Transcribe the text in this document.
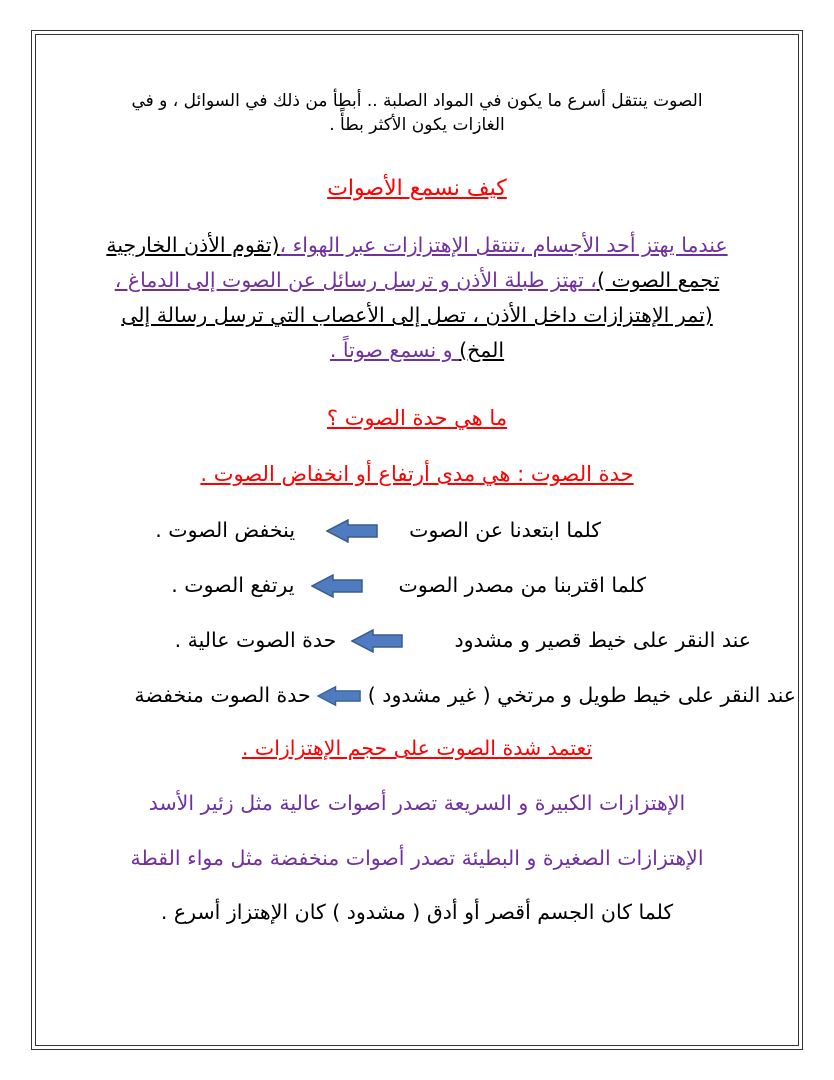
الصوت ينتقل أسرع ما يكون في المواد الصلبة .. أبطأ من ذلك في السوائل ، و في
الغازات يكون الأكثر بطأً .
كيف نسمع الأصوات
عندما يهتز أحد الأجسام ،تنتقل الإهتزازات عبر الهواء ،(تقوم الأذن الخارجية
تجمع الصوت )، تهتز طبلة الأذن و ترسل رسائل عن الصوت إلى الدماغ ،
(تمر الإهتزازات داخل الأذن ، تصل إلى الأعصاب التي ترسل رسالة إلى
المخ) و نسمع صوتاً .
ما هي حدة الصوت ؟
حدة الصوت : هي مدى أرتفاع أو انخفاض الصوت .
كلما ابتعدنا عن الصوت
ينخفض الصوت .
كلما اقتربنا من مصدر الصوت
يرتفع الصوت .
عند النقر على خيط قصير و مشدود
حدة الصوت عالية .
عند النقر على خيط طويل و مرتخي ( غير مشدود )
حدة الصوت منخفضة
تعتمد شدة الصوت على حجم الإهتزازات .
الإهتزازات الكبيرة و السريعة تصدر أصوات عالية مثل زئير الأسد
الإهتزازات الصغيرة و البطيئة تصدر أصوات منخفضة مثل مواء القطة
كلما كان الجسم أقصر أو أدق ( مشدود ) كان الإهتزاز أسرع .
